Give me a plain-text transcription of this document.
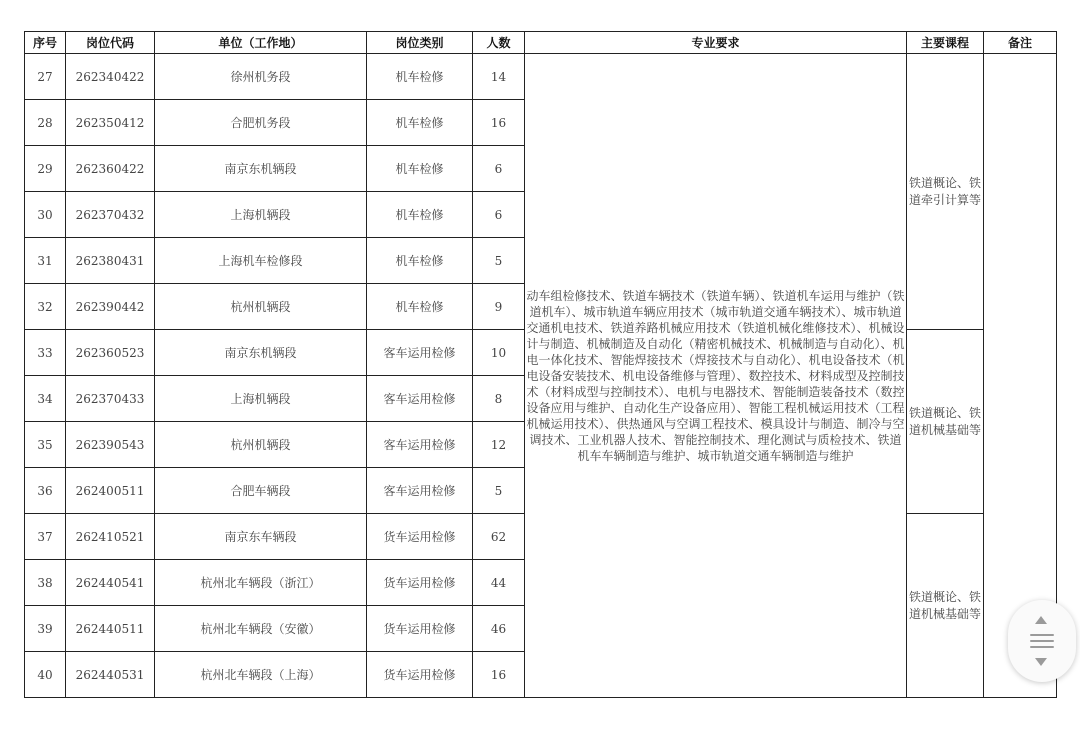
序号	岗位代码	单位（工作地）	岗位类别	人数	专业要求	主要课程	备注
27	262340422	徐州机务段	机车检修	14	动车组检修技术、铁道车辆技术（铁道车辆）、铁道机车运用与维护（铁道机车）、城市轨道车辆应用技术（城市轨道交通车辆技术）、城市轨道交通机电技术、铁道养路机械应用技术（铁道机械化维修技术）、机械设计与制造、机械制造及自动化（精密机械技术、机械制造与自动化）、机电一体化技术、智能焊接技术（焊接技术与自动化）、机电设备技术（机电设备安装技术、机电设备维修与管理）、数控技术、材料成型及控制技术（材料成型与控制技术）、电机与电器技术、智能制造装备技术（数控设备应用与维护、自动化生产设备应用）、智能工程机械运用技术（工程机械运用技术）、供热通风与空调工程技术、模具设计与制造、制冷与空调技术、工业机器人技术、智能控制技术、理化测试与质检技术、铁道机车车辆制造与维护、城市轨道交通车辆制造与维护	铁道概论、铁道牵引计算等	
28	262350412	合肥机务段	机车检修	16			
29	262360422	南京东机辆段	机车检修	6			
30	262370432	上海机辆段	机车检修	6			
31	262380431	上海机车检修段	机车检修	5			
32	262390442	杭州机辆段	机车检修	9			
33	262360523	南京东机辆段	客车运用检修	10		铁道概论、铁道机械基础等	
34	262370433	上海机辆段	客车运用检修	8			
35	262390543	杭州机辆段	客车运用检修	12			
36	262400511	合肥车辆段	客车运用检修	5			
37	262410521	南京东车辆段	货车运用检修	62		铁道概论、铁道机械基础等	
38	262440541	杭州北车辆段（浙江）	货车运用检修	44			
39	262440511	杭州北车辆段（安徽）	货车运用检修	46			
40	262440531	杭州北车辆段（上海）	货车运用检修	16			
